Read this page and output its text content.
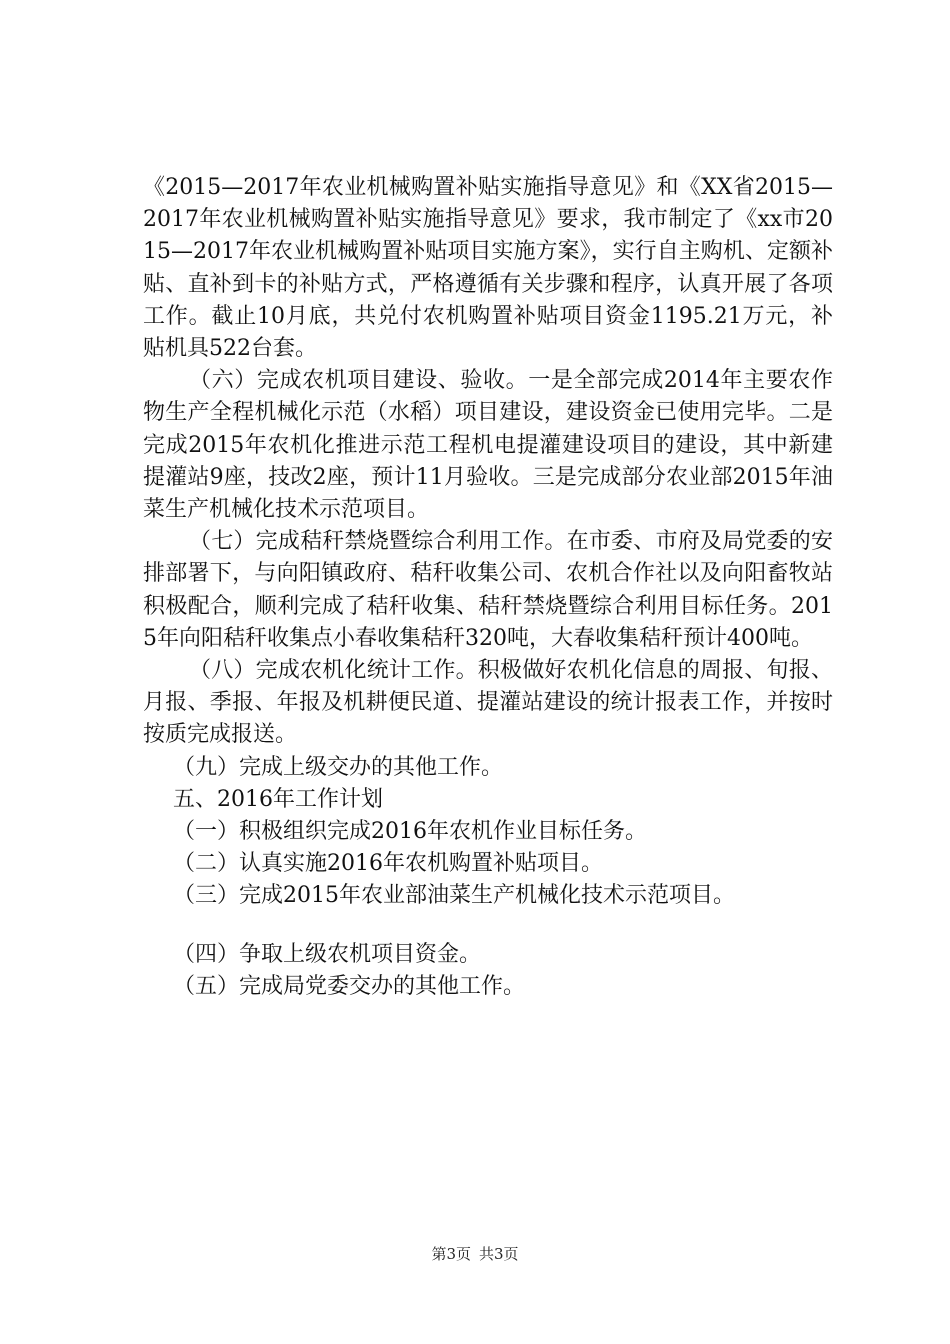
《2015—2017年农业机械购置补贴实施指导意见》和《XX省2015—2017年农业机械购置补贴实施指导意见》要求，我市制定了《xx市2015—2017年农业机械购置补贴项目实施方案》，实行自主购机、定额补贴、直补到卡的补贴方式，严格遵循有关步骤和程序，认真开展了各项工作。截止10月底，共兑付农机购置补贴项目资金1195.21万元，补贴机具522台套。

（六）完成农机项目建设、验收。一是全部完成2014年主要农作物生产全程机械化示范（水稻）项目建设，建设资金已使用完毕。二是完成2015年农机化推进示范工程机电提灌建设项目的建设，其中新建提灌站9座，技改2座，预计11月验收。三是完成部分农业部2015年油菜生产机械化技术示范项目。

（七）完成秸秆禁烧暨综合利用工作。在市委、市府及局党委的安排部署下，与向阳镇政府、秸秆收集公司、农机合作社以及向阳畜牧站积极配合，顺利完成了秸秆收集、秸秆禁烧暨综合利用目标任务。2015年向阳秸秆收集点小春收集秸秆320吨，大春收集秸秆预计400吨。

（八）完成农机化统计工作。积极做好农机化信息的周报、旬报、月报、季报、年报及机耕便民道、提灌站建设的统计报表工作，并按时按质完成报送。

（九）完成上级交办的其他工作。

五、2016年工作计划

（一）积极组织完成2016年农机作业目标任务。

（二）认真实施2016年农机购置补贴项目。

（三）完成2015年农业部油菜生产机械化技术示范项目。

（四）争取上级农机项目资金。

（五）完成局党委交办的其他工作。

第3页 共3页
